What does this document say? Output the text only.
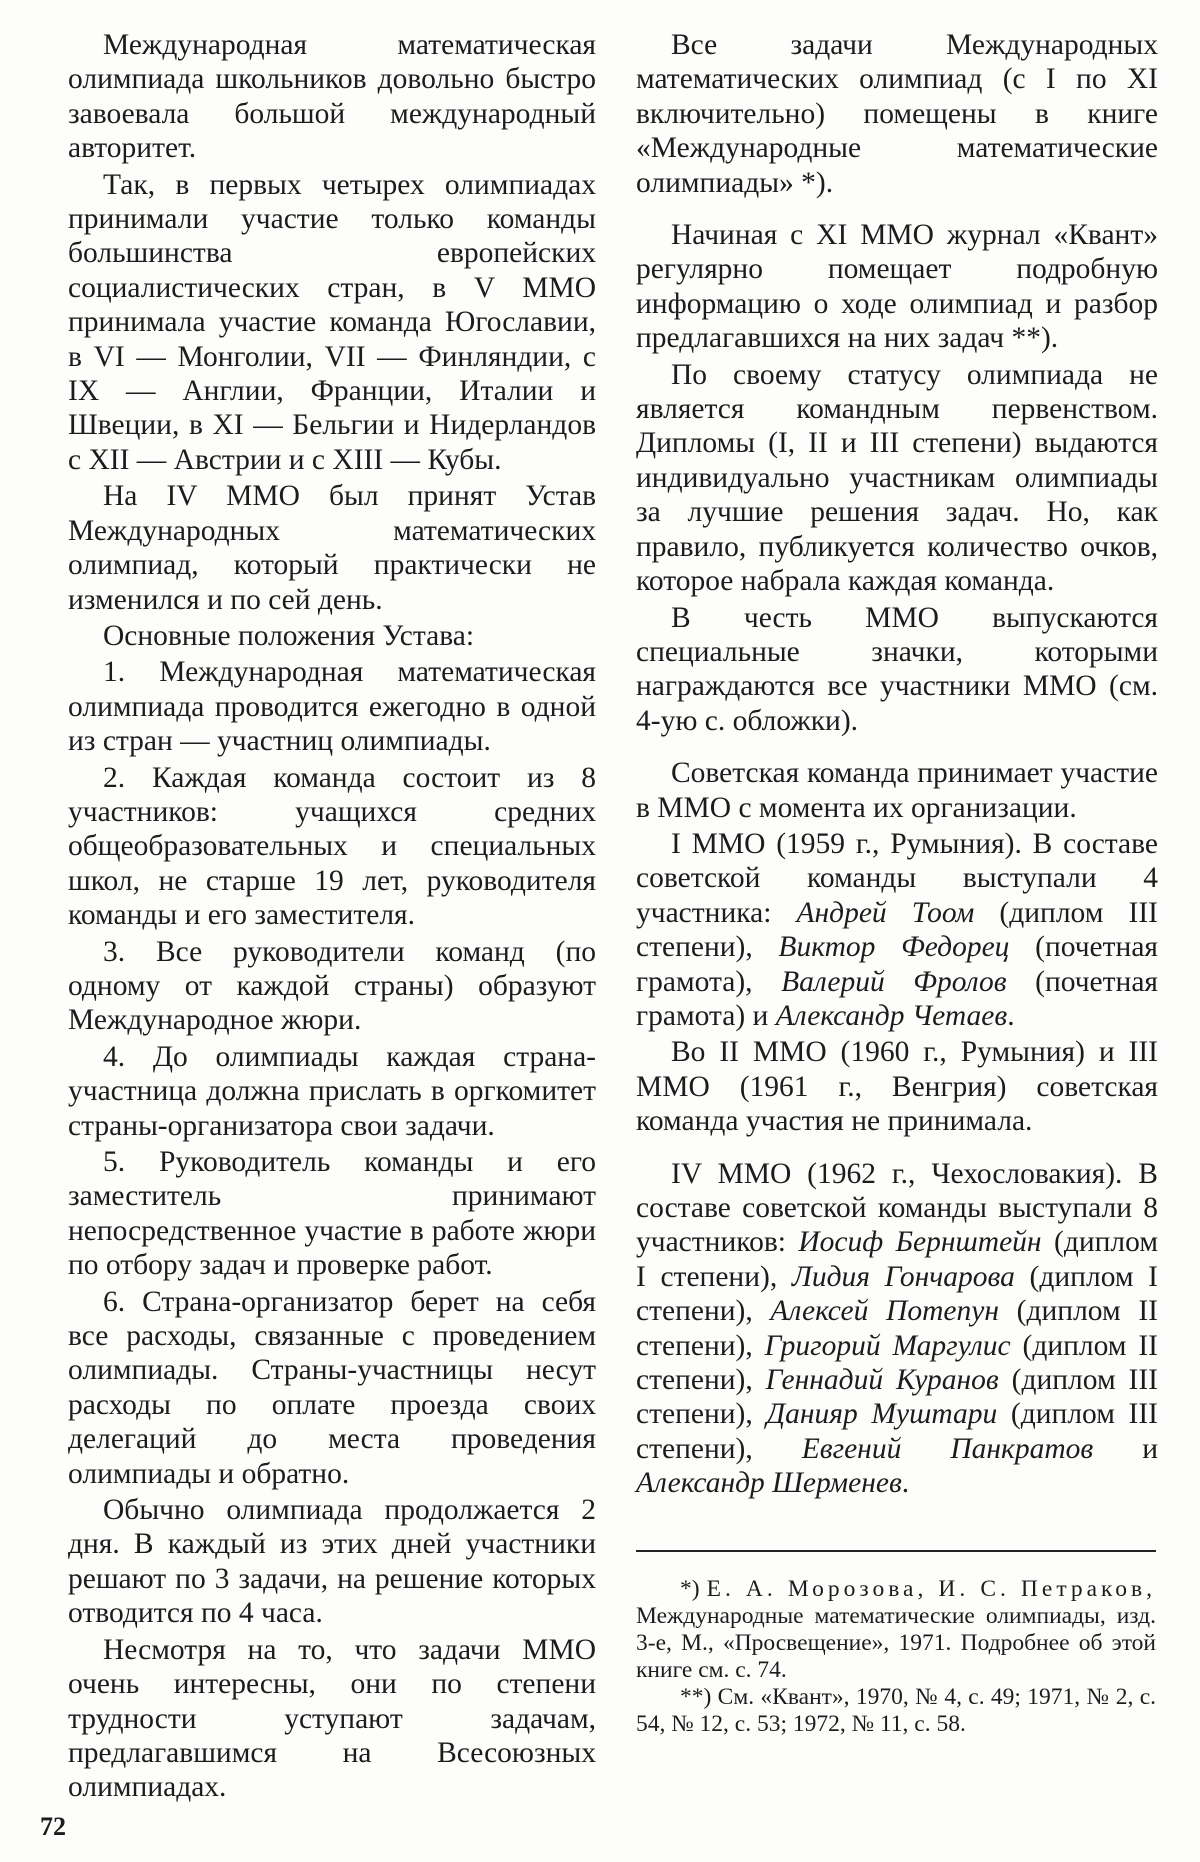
Международная математическая олимпиада школьников довольно быстро завоевала большой международный авторитет.

Так, в первых четырех олимпиадах принимали участие только команды большинства европейских социалистических стран, в V ММО принимала участие команда Югославии, в VI — Монголии, VII — Финляндии, с IX — Англии, Франции, Италии и Швеции, в XI — Бельгии и Нидерландов с XII — Австрии и с XIII — Кубы.

На IV ММО был принят Устав Международных математических олимпиад, который практически не изменился и по сей день.

Основные положения Устава:

1. Международная математическая олимпиада проводится ежегодно в одной из стран — участниц олимпиады.

2. Каждая команда состоит из 8 участников: учащихся средних общеобразовательных и специальных школ, не старше 19 лет, руководителя команды и его заместителя.

3. Все руководители команд (по одному от каждой страны) образуют Международное жюри.

4. До олимпиады каждая страна-участница должна прислать в оргкомитет страны-организатора свои задачи.

5. Руководитель команды и его заместитель принимают непосредственное участие в работе жюри по отбору задач и проверке работ.

6. Страна-организатор берет на себя все расходы, связанные с проведением олимпиады. Страны-участницы несут расходы по оплате проезда своих делегаций до места проведения олимпиады и обратно.

Обычно олимпиада продолжается 2 дня. В каждый из этих дней участники решают по 3 задачи, на решение которых отводится по 4 часа.

Несмотря на то, что задачи ММО очень интересны, они по степени трудности уступают задачам, предлагавшимся на Всесоюзных олимпиадах.

Все задачи Международных математических олимпиад (с I по XI включительно) помещены в книге «Международные математические олимпиады» *).

Начиная с XI ММО журнал «Квант» регулярно помещает подробную информацию о ходе олимпиад и разбор предлагавшихся на них задач **).

По своему статусу олимпиада не является командным первенством. Дипломы (I, II и III степени) выдаются индивидуально участникам олимпиады за лучшие решения задач. Но, как правило, публикуется количество очков, которое набрала каждая команда.

В честь ММО выпускаются специальные значки, которыми награждаются все участники ММО (см. 4-ую с. обложки).

Советская команда принимает участие в ММО с момента их организации.

I ММО (1959 г., Румыния). В составе советской команды выступали 4 участника: Андрей Тоом (диплом III степени), Виктор Федорец (почетная грамота), Валерий Фролов (почетная грамота) и Александр Четаев.

Во II ММО (1960 г., Румыния) и III ММО (1961 г., Венгрия) советская команда участия не принимала.

IV ММО (1962 г., Чехословакия). В составе советской команды выступали 8 участников: Иосиф Бернштейн (диплом I степени), Лидия Гончарова (диплом I степени), Алексей Потепун (диплом II степени), Григорий Маргулис (диплом II степени), Геннадий Куранов (диплом III степени), Данияр Муштари (диплом III степени), Евгений Панкратов и Александр Шерменев.

*) Е. А. Морозова, И. С. Петраков, Международные математические олимпиады, изд. 3-е, М., «Просвещение», 1971. Подробнее об этой книге см. с. 74.

**) См. «Квант», 1970, № 4, с. 49; 1971, № 2, с. 54, № 12, с. 53; 1972, № 11, с. 58.

72
